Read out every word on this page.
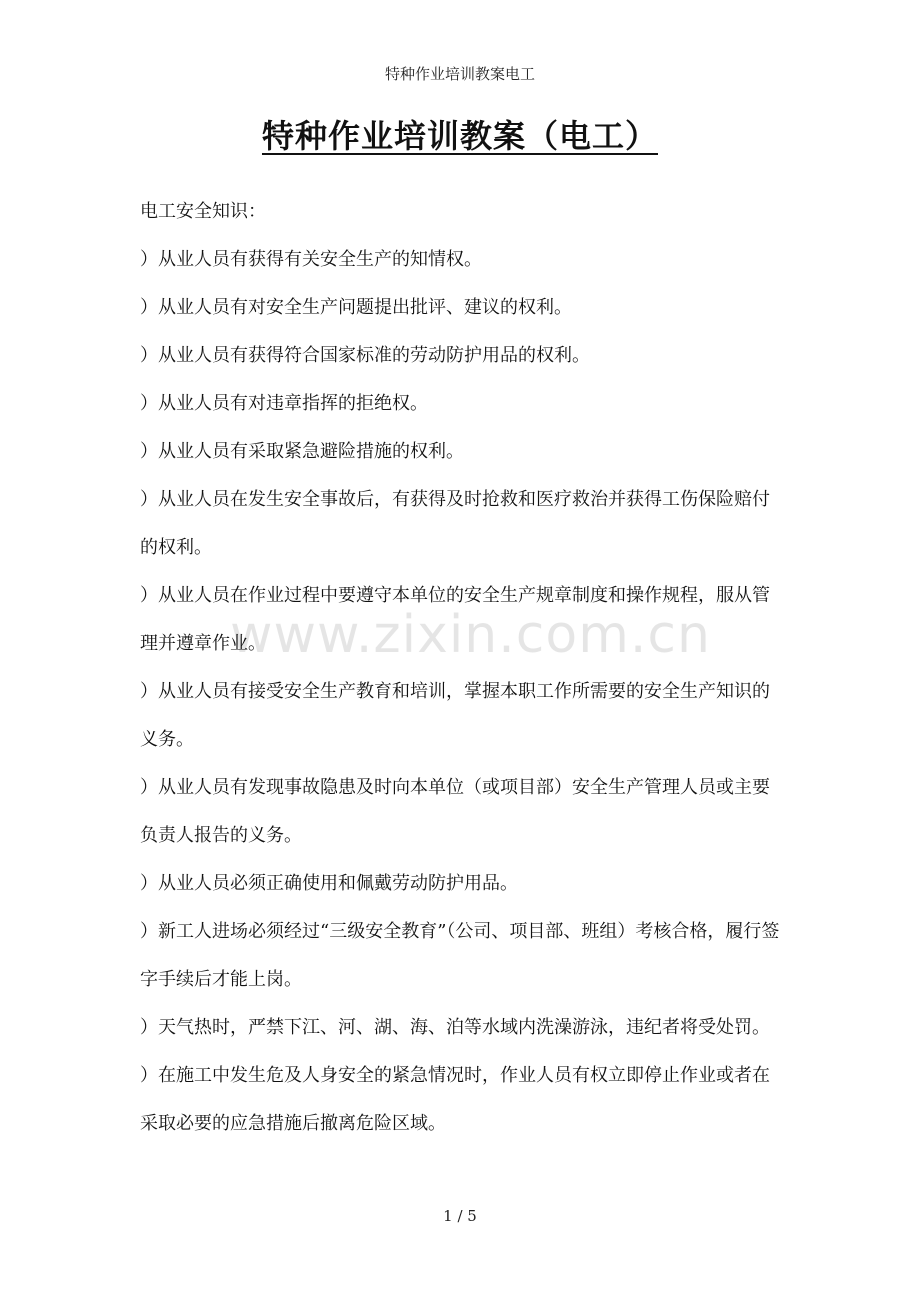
特种作业培训教案电工
特种作业培训教案（电工）

电工安全知识：

）从业人员有获得有关安全生产的知情权。

）从业人员有对安全生产问题提出批评、建议的权利。

）从业人员有获得符合国家标准的劳动防护用品的权利。

）从业人员有对违章指挥的拒绝权。

）从业人员有采取紧急避险措施的权利。

）从业人员在发生安全事故后，有获得及时抢救和医疗救治并获得工伤保险赔付的权利。

）从业人员在作业过程中要遵守本单位的安全生产规章制度和操作规程，服从管理并遵章作业。

）从业人员有接受安全生产教育和培训，掌握本职工作所需要的安全生产知识的义务。

）从业人员有发现事故隐患及时向本单位（或项目部）安全生产管理人员或主要负责人报告的义务。

）从业人员必须正确使用和佩戴劳动防护用品。

）新工人进场必须经过“三级安全教育”（公司、项目部、班组）考核合格，履行签字手续后才能上岗。

）天气热时，严禁下江、河、湖、海、泊等水域内洗澡游泳，违纪者将受处罚。

）在施工中发生危及人身安全的紧急情况时，作业人员有权立即停止作业或者在采取必要的应急措施后撤离危险区域。

www.zixin.com.cn
1 / 5
